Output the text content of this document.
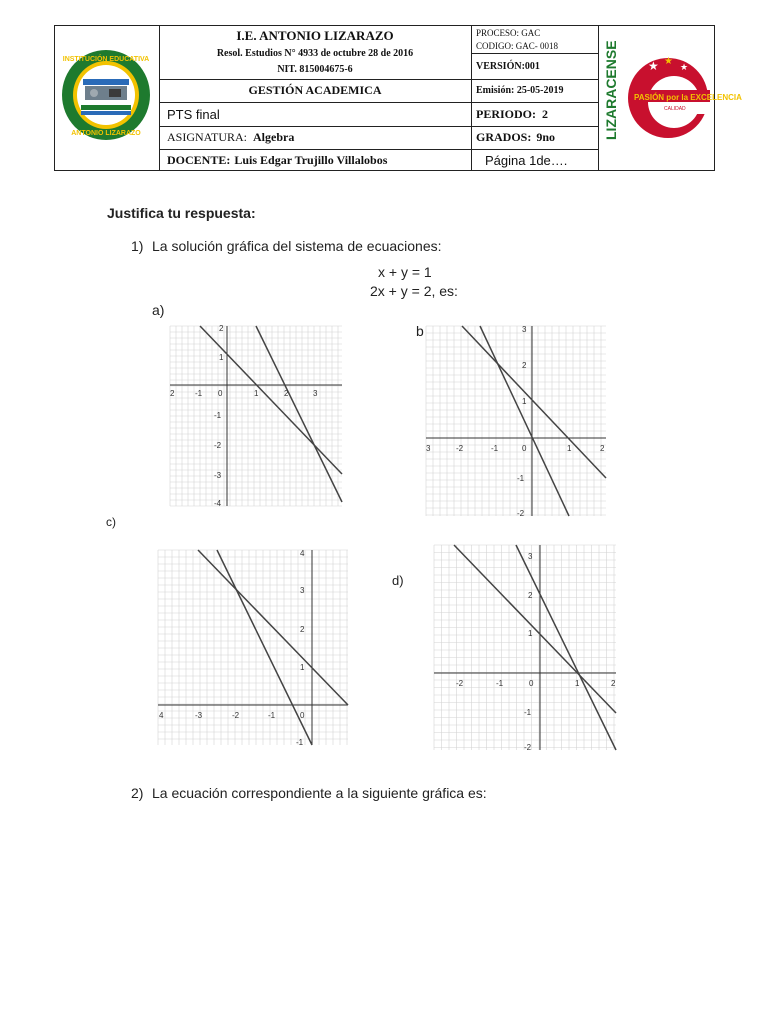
INSTITUCIÓN EDUCATIVA
ANTONIO LIZARAZO
I.E. ANTONIO LIZARAZO
Resol. Estudios N° 4933 de octubre 28 de 2016
NIT. 815004675-6
GESTIÓN ACADEMICA
PTS final
ASIGNATURA: Algebra
DOCENTE: Luis Edgar Trujillo Villalobos
PROCESO: GAC
CODIGO: GAC- 0018
VERSIÓN:001
Emisión: 25-05-2019
PERIODO: 2
GRADOS: 9no
Página 1de….
LIZARACENSE ★ ★ ★
PASIÓN por la EXCELENCIA
CALIDAD
Justifica tu respuesta:
1) La solución gráfica del sistema de ecuaciones:
x + y = 1
2x + y = 2, es:
a)
b
c)
d)
2) La ecuación correspondiente a la siguiente gráfica es:
2	-1 0	1	2	3
2
1
-1
-2
-3
-4
3	-2	-1	0	1	2
3
2
1
-1
-2
4	-3	-2	-1	0
4
3
2
1
-1
-2	-1	0	1	2
3
2
1
-1
-2
